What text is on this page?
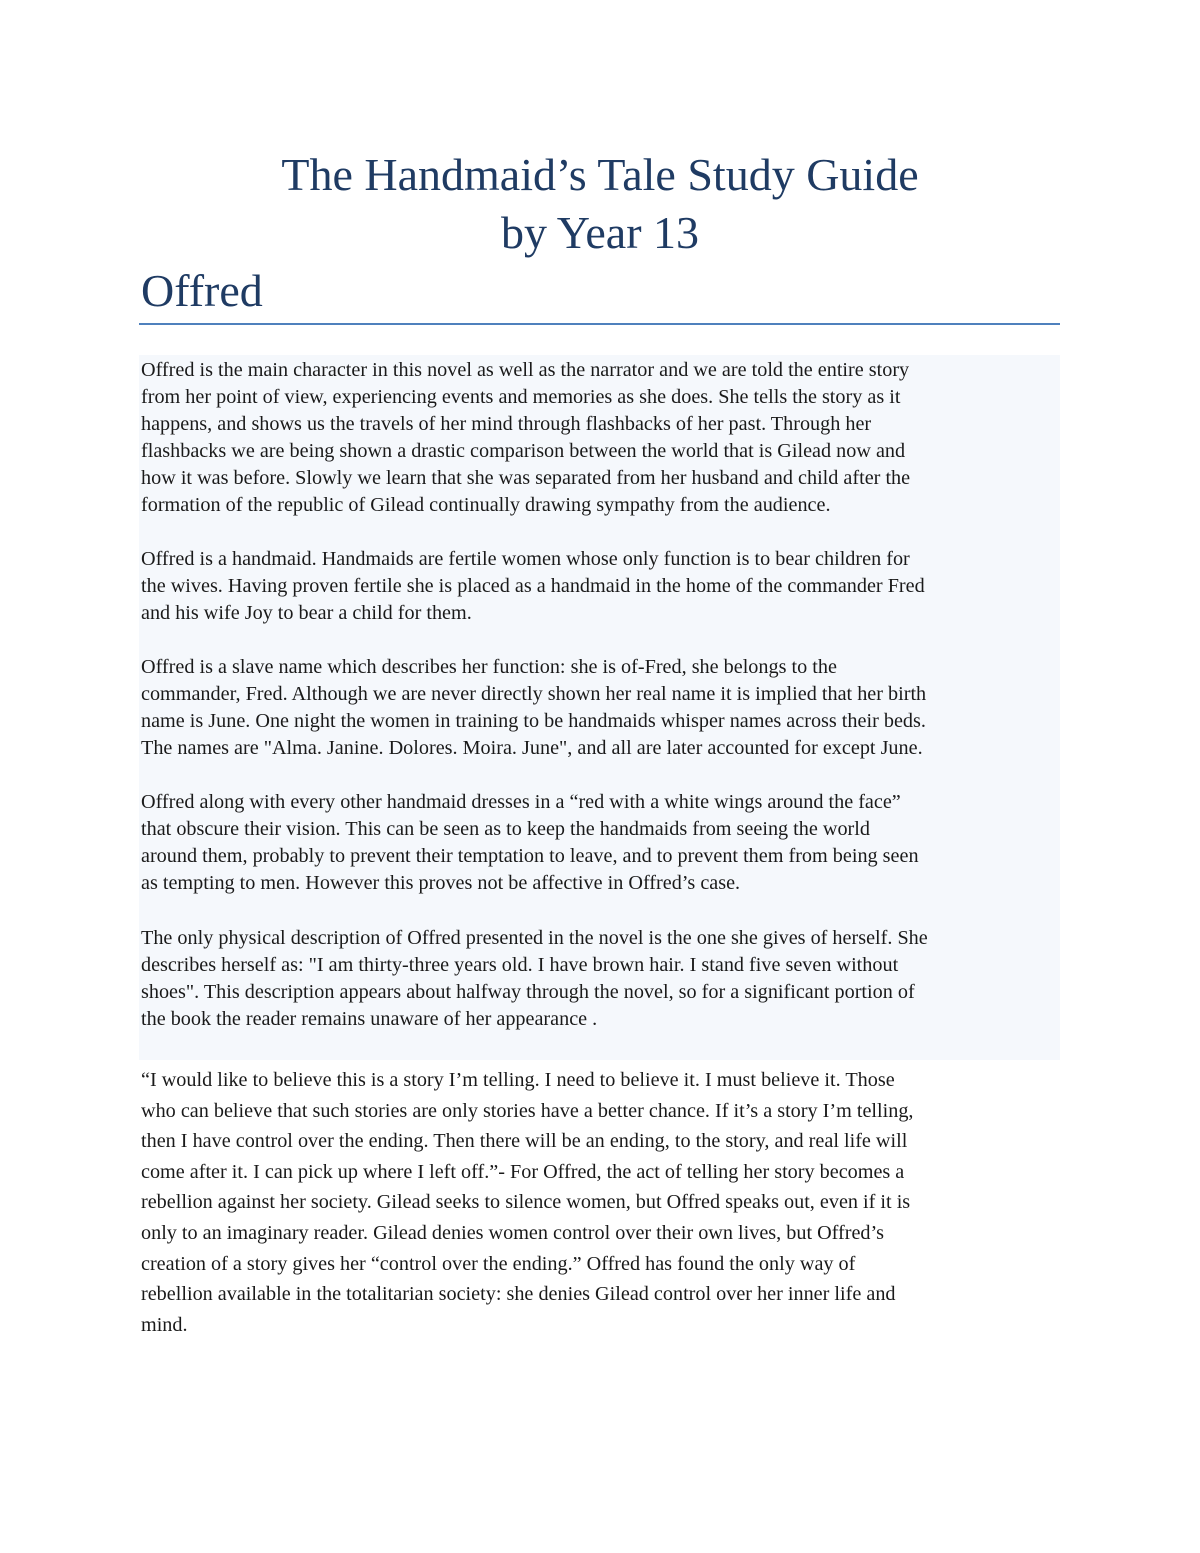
The Handmaid’s Tale Study Guide
by Year 13
Offred

Offred is the main character in this novel as well as the narrator and we are told the entire story
from her point of view, experiencing events and memories as she does. She tells the story as it
happens, and shows us the travels of her mind through flashbacks of her past. Through her
flashbacks we are being shown a drastic comparison between the world that is Gilead now and
how it was before. Slowly we learn that she was separated from her husband and child after the
formation of the republic of Gilead continually drawing sympathy from the audience.

Offred is a handmaid. Handmaids are fertile women whose only function is to bear children for
the wives. Having proven fertile she is placed as a handmaid in the home of the commander Fred
and his wife Joy to bear a child for them.

Offred is a slave name which describes her function: she is of-Fred, she belongs to the
commander, Fred. Although we are never directly shown her real name it is implied that her birth
name is June. One night the women in training to be handmaids whisper names across their beds.
The names are "Alma. Janine. Dolores. Moira. June", and all are later accounted for except June.

Offred along with every other handmaid dresses in a “red with a white wings around the face”
that obscure their vision. This can be seen as to keep the handmaids from seeing the world
around them, probably to prevent their temptation to leave, and to prevent them from being seen
as tempting to men. However this proves not be affective in Offred’s case.

The only physical description of Offred presented in the novel is the one she gives of herself. She
describes herself as: "I am thirty-three years old. I have brown hair. I stand five seven without
shoes". This description appears about halfway through the novel, so for a significant portion of
the book the reader remains unaware of her appearance .

“I would like to believe this is a story I’m telling. I need to believe it. I must believe it. Those
who can believe that such stories are only stories have a better chance. If it’s a story I’m telling,
then I have control over the ending. Then there will be an ending, to the story, and real life will
come after it. I can pick up where I left off.”- For Offred, the act of telling her story becomes a
rebellion against her society. Gilead seeks to silence women, but Offred speaks out, even if it is
only to an imaginary reader. Gilead denies women control over their own lives, but Offred’s
creation of a story gives her “control over the ending.” Offred has found the only way of
rebellion available in the totalitarian society: she denies Gilead control over her inner life and
mind.
